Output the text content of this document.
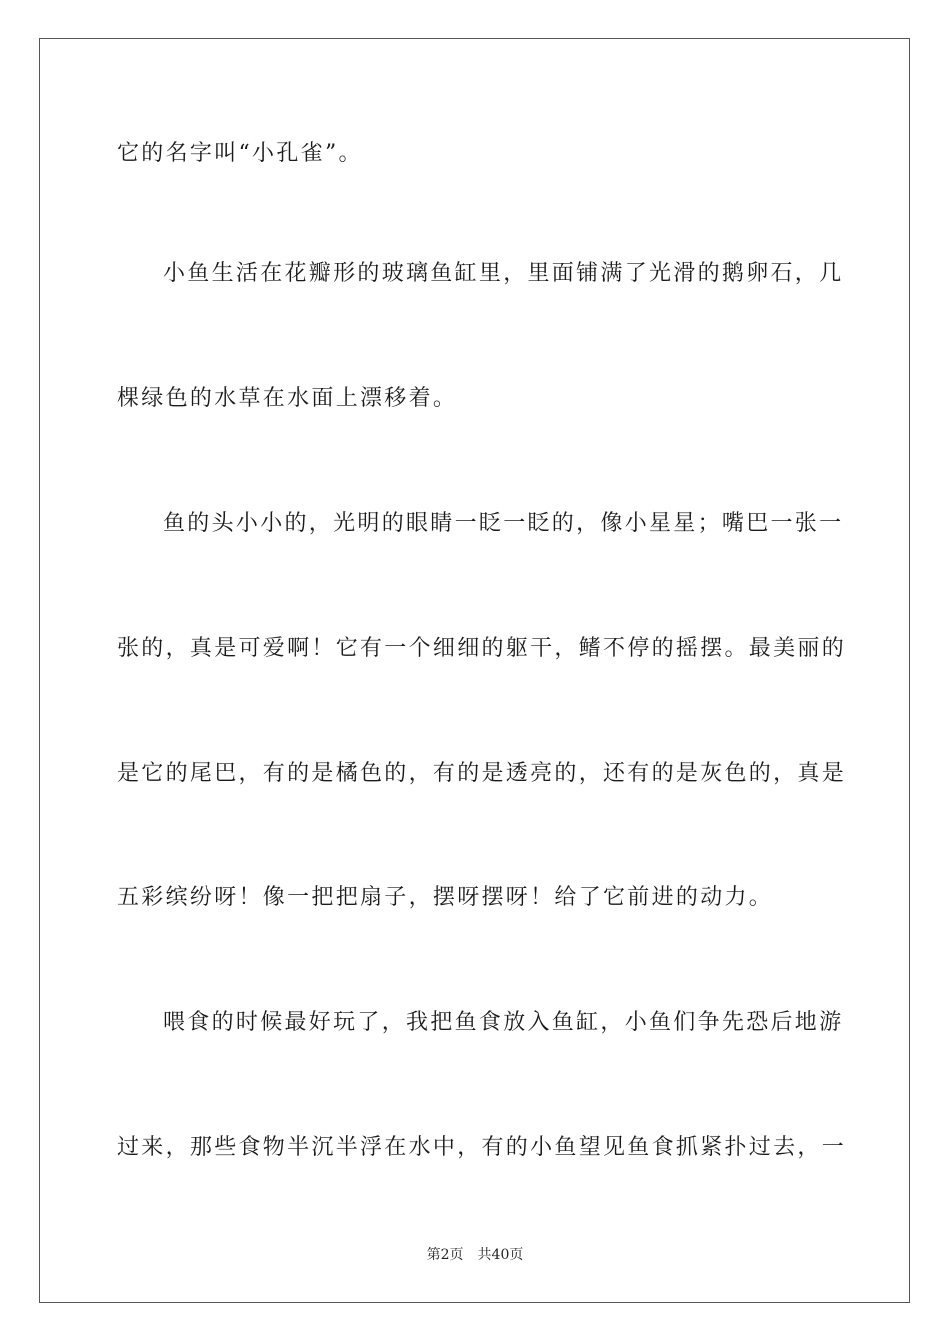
它的名字叫“小孔雀”。
小鱼生活在花瓣形的玻璃鱼缸里，里面铺满了光滑的鹅卵石，几
棵绿色的水草在水面上漂移着。
鱼的头小小的，光明的眼睛一眨一眨的，像小星星；嘴巴一张一
张的，真是可爱啊！它有一个细细的躯干，鳍不停的摇摆。最美丽的
是它的尾巴，有的是橘色的，有的是透亮的，还有的是灰色的，真是
五彩缤纷呀！像一把把扇子，摆呀摆呀！给了它前进的动力。
喂食的时候最好玩了，我把鱼食放入鱼缸，小鱼们争先恐后地游
过来，那些食物半沉半浮在水中，有的小鱼望见鱼食抓紧扑过去，一
第2页 共40页
